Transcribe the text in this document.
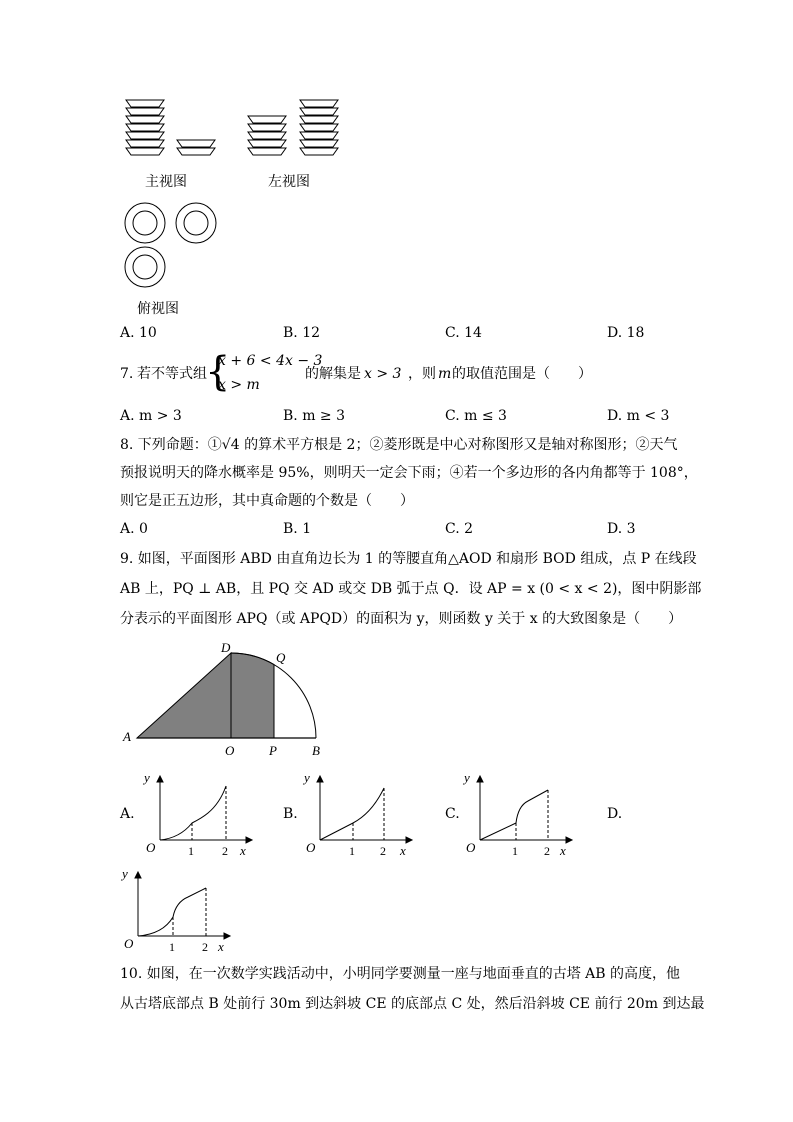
主视图	左视图
俯视图
A. 10	B. 12	C. 14	D. 18
7. 若不等式组
{
x + 6 < 4x − 3
x > m
的解集是 x > 3 ，则 m 的取值范围是（　　）
A. m > 3	B. m ≥ 3	C. m ≤ 3	D. m < 3
8. 下列命题：①√4 的算术平方根是 2；②菱形既是中心对称图形又是轴对称图形；②天气
预报说明天的降水概率是 95%，则明天一定会下雨；④若一个多边形的各内角都等于 108°，
则它是正五边形，其中真命题的个数是（　　）
A. 0	B. 1	C. 2	D. 3
9. 如图，平面图形 ABD 由直角边长为 1 的等腰直角△AOD 和扇形 BOD 组成，点 P 在线段
AB 上，PQ ⊥ AB，且 PQ 交 AD 或交 DB 弧于点 Q．设 AP = x (0 < x < 2)，图中阴影部
分表示的平面图形 APQ（或 APQD）的面积为 y，则函数 y 关于 x 的大致图象是（　　）
D
Q
A
O	P	B
A.
y
O	1 2 x
B.
y
O	1 2 x
C.
y
O	1 2 x
D.
y
O	1 2 x
10. 如图，在一次数学实践活动中，小明同学要测量一座与地面垂直的古塔 AB 的高度，他
从古塔底部点 B 处前行 30m 到达斜坡 CE 的底部点 C 处，然后沿斜坡 CE 前行 20m 到达最
